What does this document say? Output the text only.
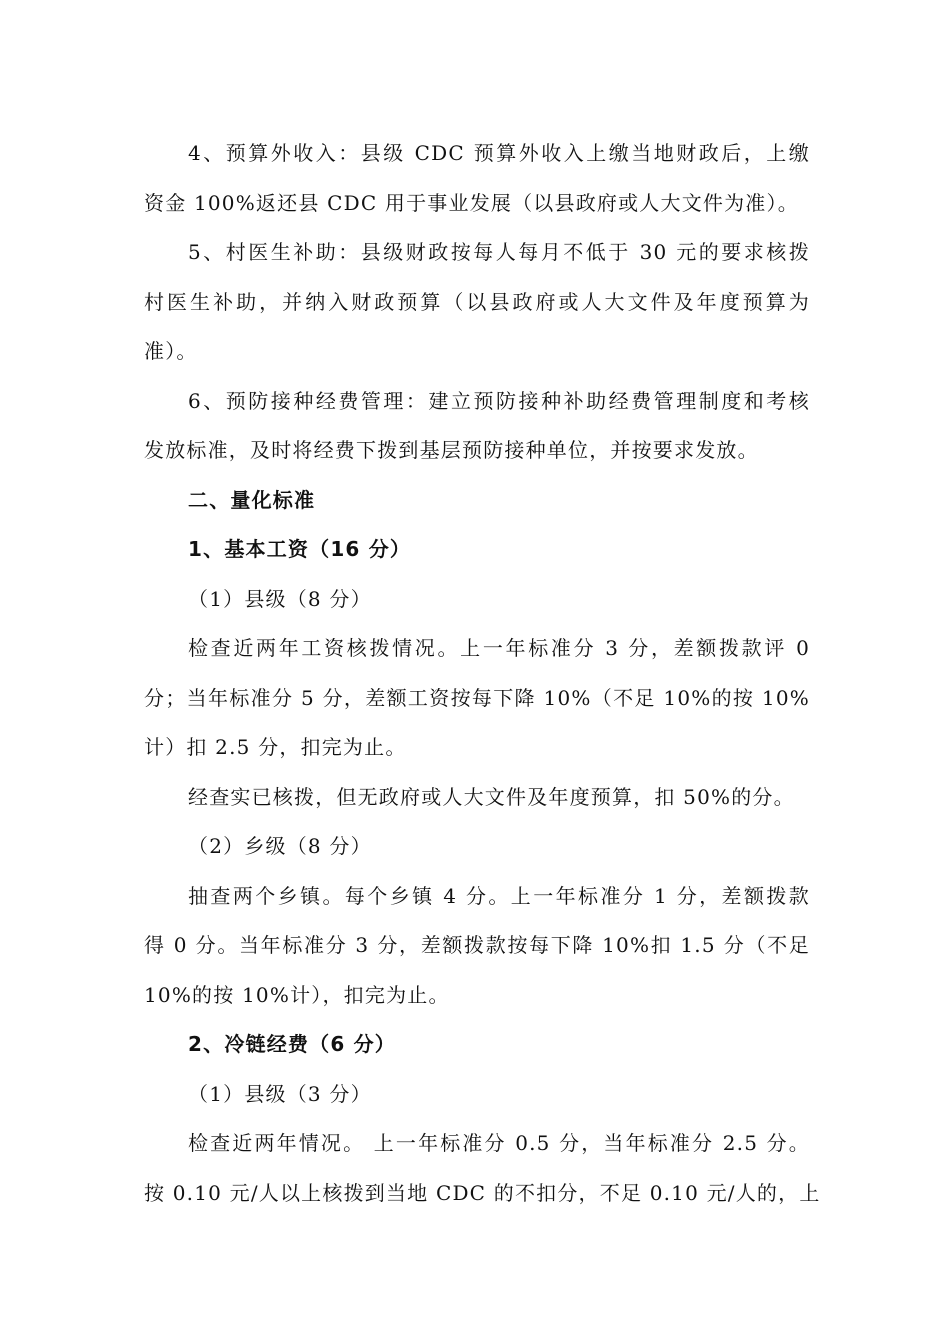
4、预算外收入：县级 CDC 预算外收入上缴当地财政后，上缴
资金 100%返还县 CDC 用于事业发展（以县政府或人大文件为准）。
5、村医生补助：县级财政按每人每月不低于 30 元的要求核拨
村医生补助，并纳入财政预算（以县政府或人大文件及年度预算为
准）。
6、预防接种经费管理：建立预防接种补助经费管理制度和考核
发放标准，及时将经费下拨到基层预防接种单位，并按要求发放。
二、量化标准
1、基本工资（16 分）
（1）县级（8 分）
检查近两年工资核拨情况。上一年标准分 3 分，差额拨款评 0
分；当年标准分 5 分，差额工资按每下降 10%（不足 10%的按 10%
计）扣 2.5 分，扣完为止。
经查实已核拨，但无政府或人大文件及年度预算，扣 50%的分。
（2）乡级（8 分）
抽查两个乡镇。每个乡镇 4 分。上一年标准分 1 分，差额拨款
得 0 分。当年标准分 3 分，差额拨款按每下降 10%扣 1.5 分（不足
10%的按 10%计），扣完为止。
2、冷链经费（6 分）
（1）县级（3 分）
检查近两年情况。 上一年标准分 0.5 分，当年标准分 2.5 分。
按 0.10 元/人以上核拨到当地 CDC 的不扣分，不足 0.10 元/人的，上
